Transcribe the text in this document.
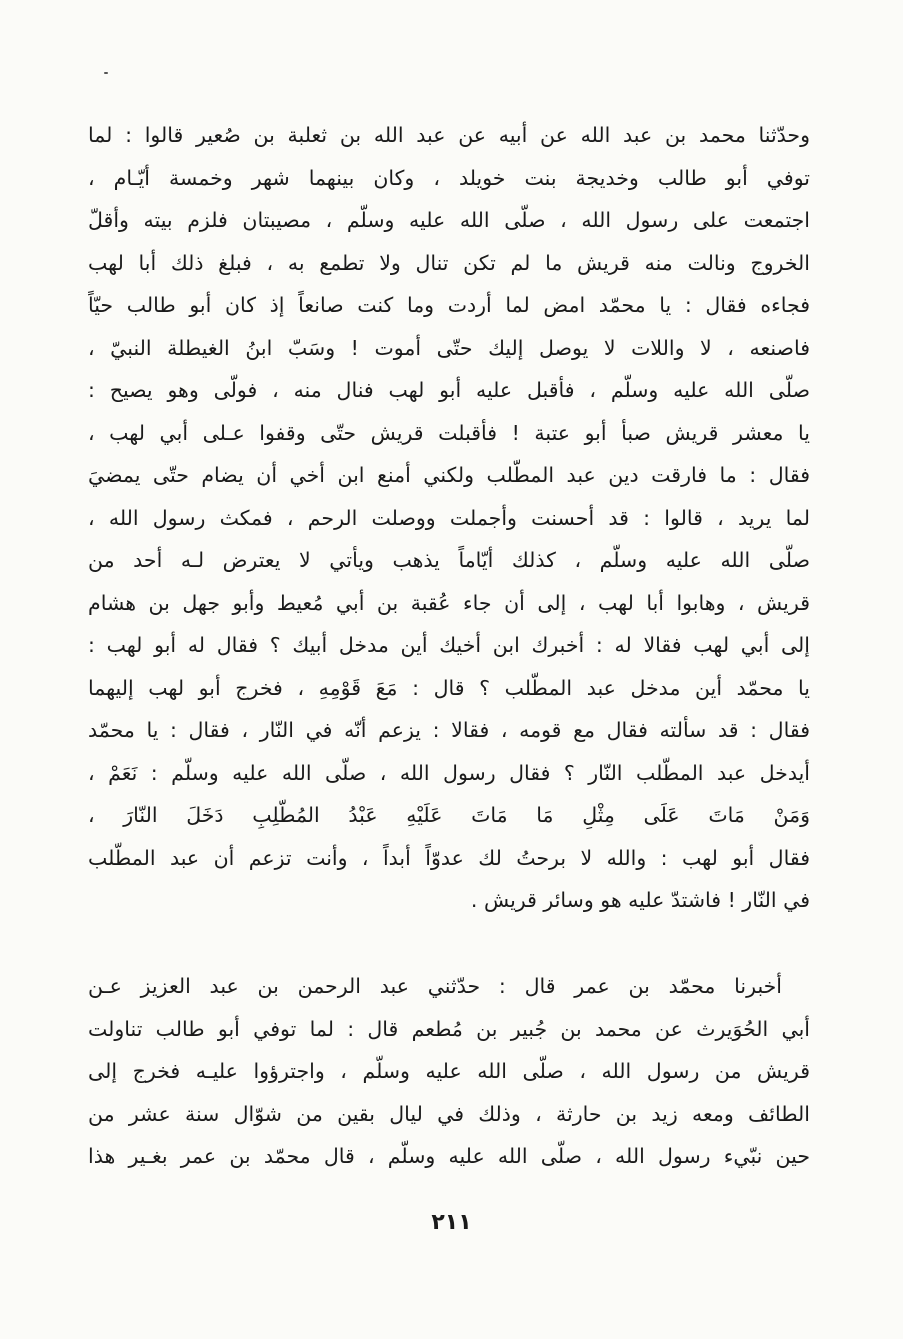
وحدّثنا محمد بن عبد الله عن أبيه عن عبد الله بن ثعلبة بن صُعير قالوا : لما
توفي أبو طالب وخديجة بنت خويلد ، وكان بينهما شهر وخمسة أيّـام ،
اجتمعت على رسول الله ، صلّى الله عليه وسلّم ، مصيبتان فلزم بيته وأقلّ
الخروج ونالت منه قريش ما لم تكن تنال ولا تطمع به ، فبلغ ذلك أبا لهب
فجاءه فقال : يا محمّد امض لما أردت وما كنت صانعاً إذ كان أبو طالب حيّاً
فاصنعه ، لا واللات لا يوصل إليك حتّى أموت ! وسَبّ ابنُ الغيطلة النبيّ ،
صلّى الله عليه وسلّم ، فأقبل عليه أبو لهب فنال منه ، فولّى وهو يصيح :
يا معشر قريش صبأ أبو عتبة ! فأقبلت قريش حتّى وقفوا عـلى أبي لهب ،
فقال : ما فارقت دين عبد المطّلب ولكني أمنع ابن أخي أن يضام حتّى يمضيَ
لما يريد ، قالوا : قد أحسنت وأجملت ووصلت الرحم ، فمكث رسول الله ،
صلّى الله عليه وسلّم ، كذلك أيّاماً يذهب ويأتي لا يعترض لـه أحد من
قريش ، وهابوا أبا لهب ، إلى أن جاء عُقبة بن أبي مُعيط وأبو جهل بن هشام
إلى أبي لهب فقالا له : أخبرك ابن أخيك أين مدخل أبيك ؟ فقال له أبو لهب :
يا محمّد أين مدخل عبد المطّلب ؟ قال : مَعَ قَوْمِهِ ، فخرج أبو لهب إليهما
فقال : قد سألته فقال مع قومه ، فقالا : يزعم أنّه في النّار ، فقال : يا محمّد
أيدخل عبد المطّلب النّار ؟ فقال رسول الله ، صلّى الله عليه وسلّم : نَعَمْ ،
وَمَنْ مَاتَ عَلَى مِثْلِ مَا مَاتَ عَلَيْهِ عَبْدُ المُطّلِبِ دَخَلَ النّارَ ،
فقال أبو لهب : والله لا برحتُ لك عدوّاً أبداً ، وأنت تزعم أن عبد المطّلب
في النّار ! فاشتدّ عليه هو وسائر قريش .
أخبرنا محمّد بن عمر قال : حدّثني عبد الرحمن بن عبد العزيز عـن
أبي الحُوَيرث عن محمد بن جُبير بن مُطعم قال : لما توفي أبو طالب تناولت
قريش من رسول الله ، صلّى الله عليه وسلّم ، واجترؤوا عليـه فخرج إلى
الطائف ومعه زيد بن حارثة ، وذلك في ليال بقين من شوّال سنة عشر من
حين نبّيء رسول الله ، صلّى الله عليه وسلّم ، قال محمّد بن عمر بغـير هذا
٢١١
